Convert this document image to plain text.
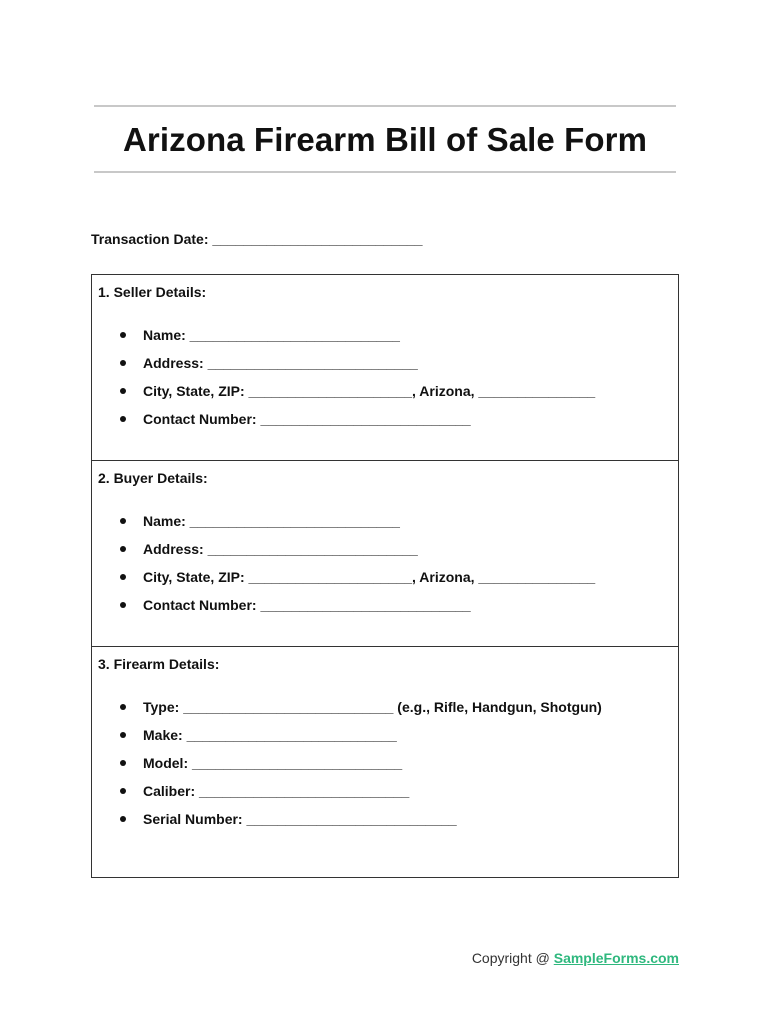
Arizona Firearm Bill of Sale Form
Transaction Date: ___________________________

1. Seller Details:

Name: ___________________________
Address: ___________________________
City, State, ZIP: _____________________, Arizona, _______________
Contact Number: ___________________________

2. Buyer Details:

Name: ___________________________
Address: ___________________________
City, State, ZIP: _____________________, Arizona, _______________
Contact Number: ___________________________

3. Firearm Details:

Type: ___________________________ (e.g., Rifle, Handgun, Shotgun)
Make: ___________________________
Model: ___________________________
Caliber: ___________________________
Serial Number: ___________________________
Copyright @ SampleForms.com
